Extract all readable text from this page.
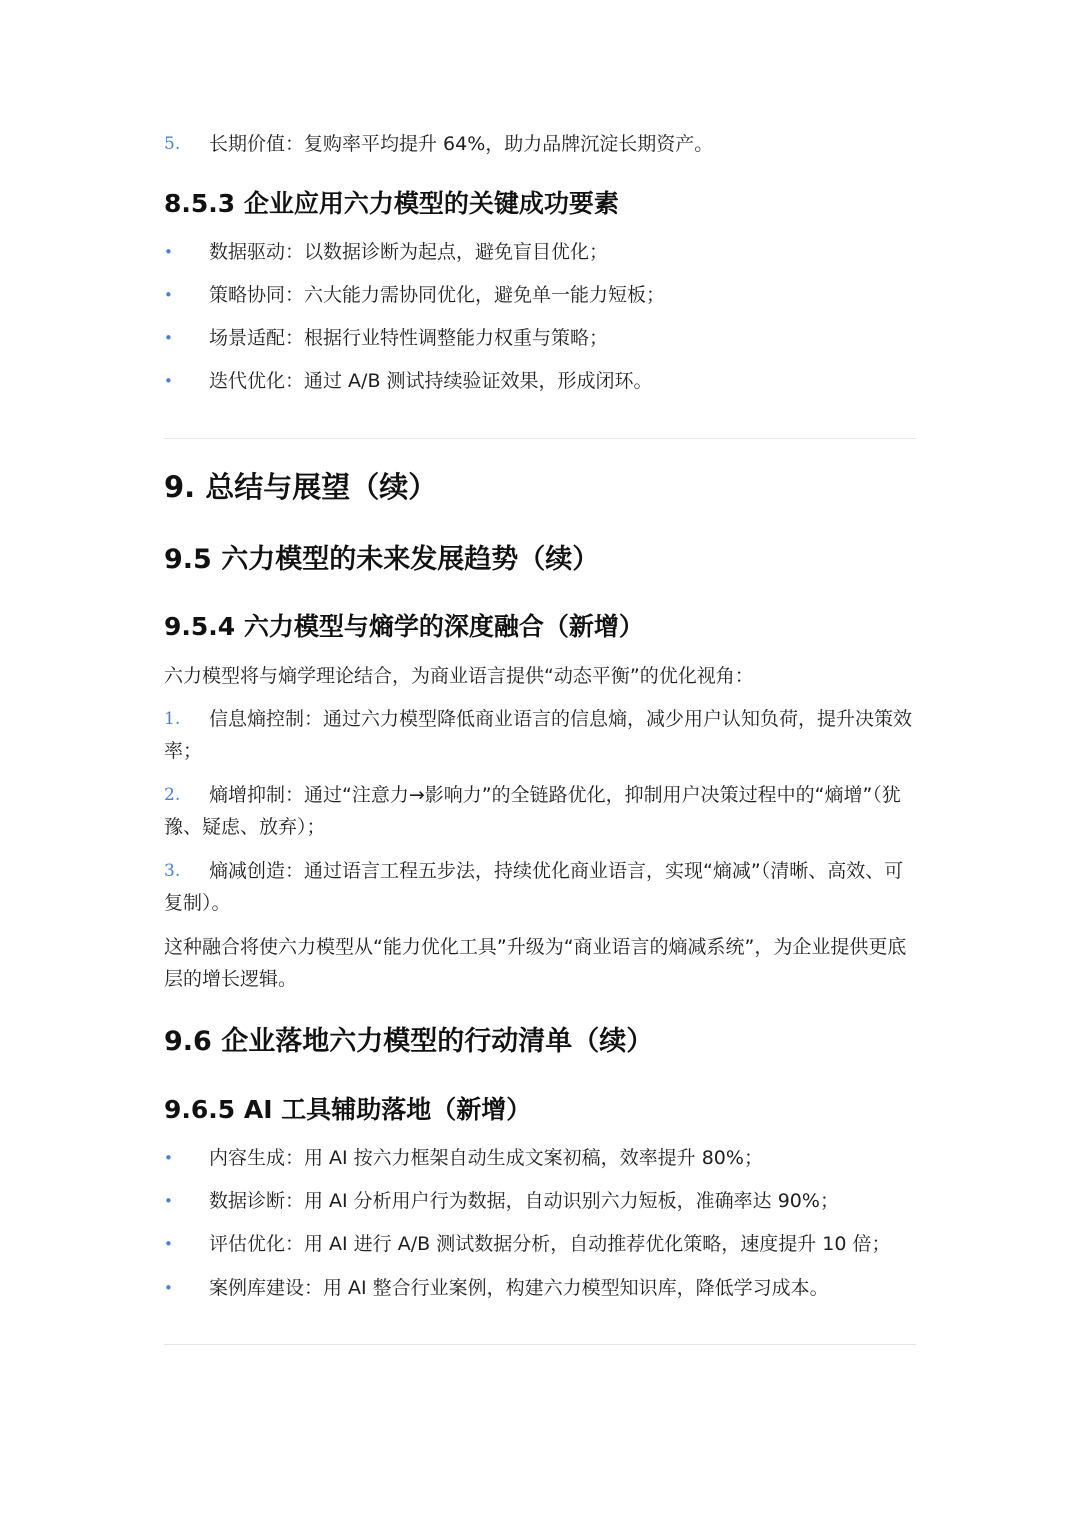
5.	长期价值：复购率平均提升 64%，助力品牌沉淀长期资产。
8.5.3 企业应用六力模型的关键成功要素
• 数据驱动：以数据诊断为起点，避免盲目优化；
• 策略协同：六大能力需协同优化，避免单一能力短板；
• 场景适配：根据行业特性调整能力权重与策略；
• 迭代优化：通过 A/B 测试持续验证效果，形成闭环。
9. 总结与展望（续）
9.5 六力模型的未来发展趋势（续）
9.5.4 六力模型与熵学的深度融合（新增）
六力模型将与熵学理论结合，为商业语言提供“动态平衡”的优化视角：
1. 信息熵控制：通过六力模型降低商业语言的信息熵，减少用户认知负荷，提升决策效率；
2. 熵增抑制：通过“注意力→影响力”的全链路优化，抑制用户决策过程中的“熵增”（犹豫、疑虑、放弃）；
3. 熵减创造：通过语言工程五步法，持续优化商业语言，实现“熵减”（清晰、高效、可复制）。
这种融合将使六力模型从“能力优化工具”升级为“商业语言的熵减系统”，为企业提供更底层的增长逻辑。
9.6 企业落地六力模型的行动清单（续）
9.6.5 AI 工具辅助落地（新增）
• 内容生成：用 AI 按六力框架自动生成文案初稿，效率提升 80%；
• 数据诊断：用 AI 分析用户行为数据，自动识别六力短板，准确率达 90%；
• 评估优化：用 AI 进行 A/B 测试数据分析，自动推荐优化策略，速度提升 10 倍；
• 案例库建设：用 AI 整合行业案例，构建六力模型知识库，降低学习成本。
